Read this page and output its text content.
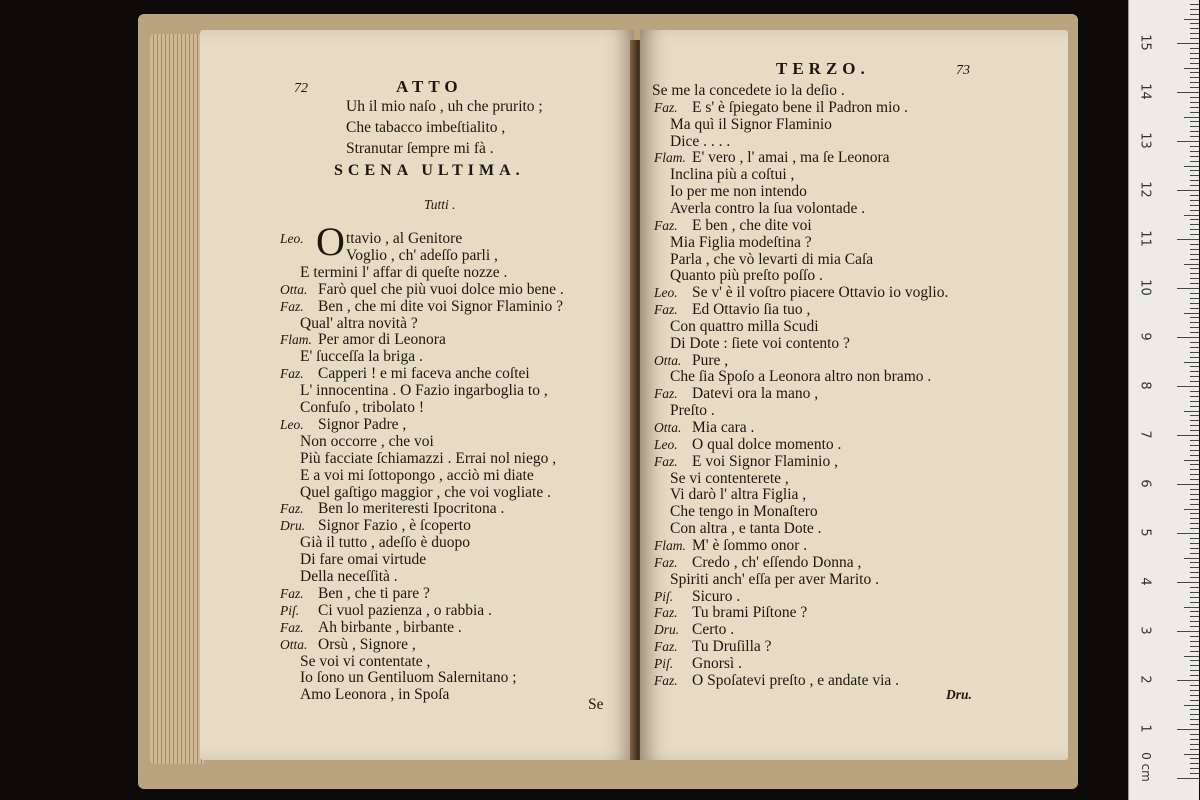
72	ATTO
Uh il mio naſo , uh che prurito ;
Che tabacco imbeſtialito ,
Stranutar ſempre mi fà .
SCENA ULTIMA.
Tutti .
O
Leo.	ttavio , al Genitore
Voglio , ch' adeſſo parli ,
E termini l' affar di queſte nozze .
Otta. Farò quel che più vuoi dolce mio bene .
Faz. Ben , che mi dite voi Signor Flaminio ?
Qual' altra novità ?
Flam. Per amor di Leonora
E' ſucceſſa la briga .
Faz. Capperi ! e mi faceva anche coſtei
L' innocentina . O Fazio ingarboglia to ,
Confuſo , tribolato !
Leo. Signor Padre ,
Non occorre , che voi
Più facciate ſchiamazzi . Errai nol niego ,
E a voi mi ſottopongo , acciò mi diate
Quel gaſtigo maggior , che voi vogliate .
Faz. Ben lo meriteresti Ipocritona .
Dru. Signor Fazio , è ſcoperto
Già il tutto , adeſſo è duopo
Di fare omai virtude
Della neceſſità .
Faz. Ben , che ti pare ?
Piſ. Ci vuol pazienza , o rabbia .
Faz. Ah birbante , birbante .
Otta. Orsù , Signore ,
Se voi vi contentate ,
Io ſono un Gentiluom Salernitano ;
Amo Leonora , in Spoſa
Se
TERZO.	73
Se me la concedete io la deſio .
Faz. E s' è ſpiegato bene il Padron mio .
Ma quì il Signor Flaminio
Dice . . . .
Flam. E' vero , l' amai , ma ſe Leonora
Inclina più a coſtui ,
Io per me non intendo
Averla contro la ſua volontade .
Faz. E ben , che dite voi
Mia Figlia modeſtina ?
Parla , che vò levarti di mia Caſa
Quanto più preſto poſſo .
Leo. Se v' è il voſtro piacere Ottavio io voglio.
Faz. Ed Ottavio ſia tuo ,
Con quattro milla Scudi
Di Dote : ſiete voi contento ?
Otta. Pure ,
Che ſia Spoſo a Leonora altro non bramo .
Faz. Datevi ora la mano ,
Preſto .
Otta. Mia cara .
Leo. O qual dolce momento .
Faz. E voi Signor Flaminio ,
Se vi contenterete ,
Vi darò l' altra Figlia ,
Che tengo in Monaſtero
Con altra , e tanta Dote .
Flam. M' è ſommo onor .
Faz. Credo , ch' eſſendo Donna ,
Spiriti anch' eſſa per aver Marito .
Piſ. Sicuro .
Faz. Tu brami Piſtone ?
Dru. Certo .
Faz. Tu Druſilla ?
Piſ. Gnorsì .
Faz. O Spoſatevi preſto , e andate via .
Dru.
1
2
3
4
5
6
7
8
9
10
11
12
13
14
15
0 cm
